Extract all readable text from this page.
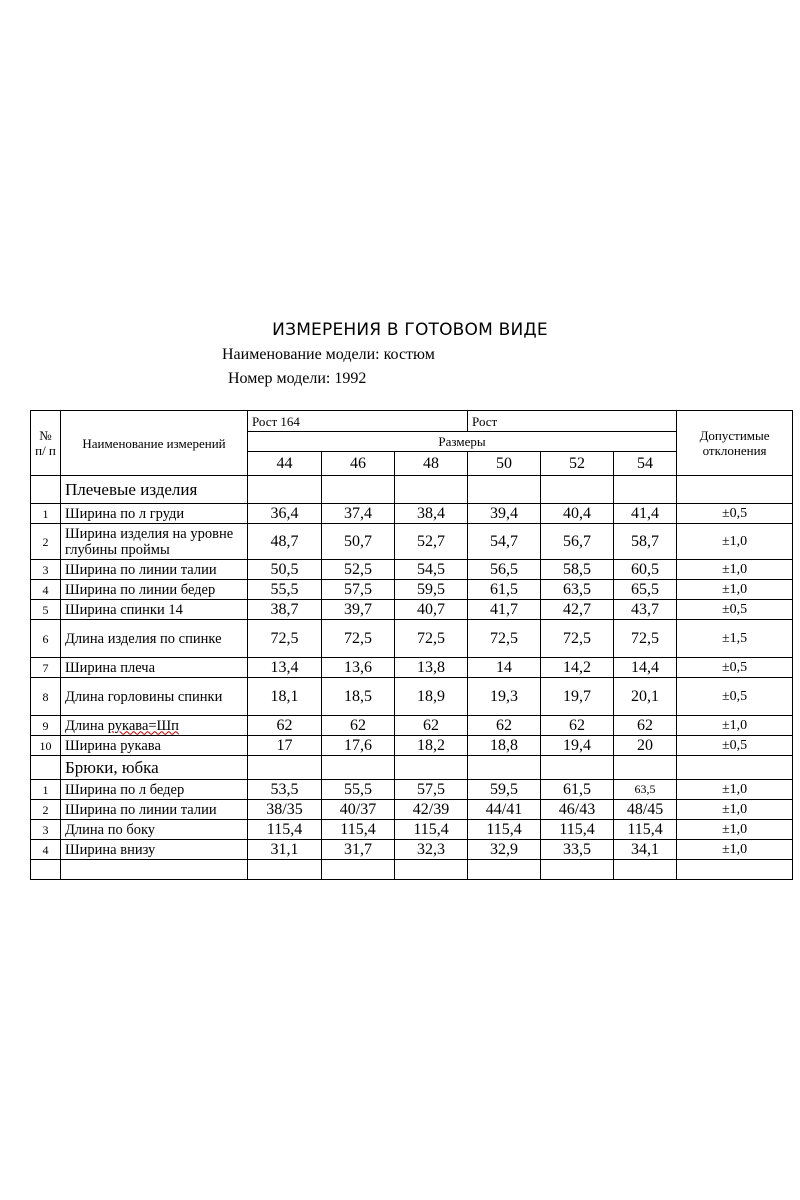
ИЗМЕРЕНИЯ В ГОТОВОМ ВИДЕ
Наименование модели: костюм
Номер модели: 1992
№ п/ п	Наименование измерений	Рост 164			Рост			Допустимые отклонения
		Размеры						
		44	46	48	50	52	54	
	Плечевые изделия							
1	Ширина по л груди	36,4	37,4	38,4	39,4	40,4	41,4	±0,5
2	Ширина изделия на уровне глубины проймы	48,7	50,7	52,7	54,7	56,7	58,7	±1,0
3	Ширина по линии талии	50,5	52,5	54,5	56,5	58,5	60,5	±1,0
4	Ширина по линии бедер	55,5	57,5	59,5	61,5	63,5	65,5	±1,0
5	Ширина спинки 14	38,7	39,7	40,7	41,7	42,7	43,7	±0,5
6	Длина изделия по спинке	72,5	72,5	72,5	72,5	72,5	72,5	±1,5
7	Ширина плеча	13,4	13,6	13,8	14	14,2	14,4	±0,5
8	Длина горловины спинки	18,1	18,5	18,9	19,3	19,7	20,1	±0,5
9	Длина рукава=Шп	62	62	62	62	62	62	±1,0
10	Ширина рукава	17	17,6	18,2	18,8	19,4	20	±0,5
	Брюки, юбка							
1	Ширина по л бедер	53,5	55,5	57,5	59,5	61,5	63,5	±1,0
2	Ширина по линии талии	38/35	40/37	42/39	44/41	46/43	48/45	±1,0
3	Длина по боку	115,4	115,4	115,4	115,4	115,4	115,4	±1,0
4	Ширина внизу	31,1	31,7	32,3	32,9	33,5	34,1	±1,0
